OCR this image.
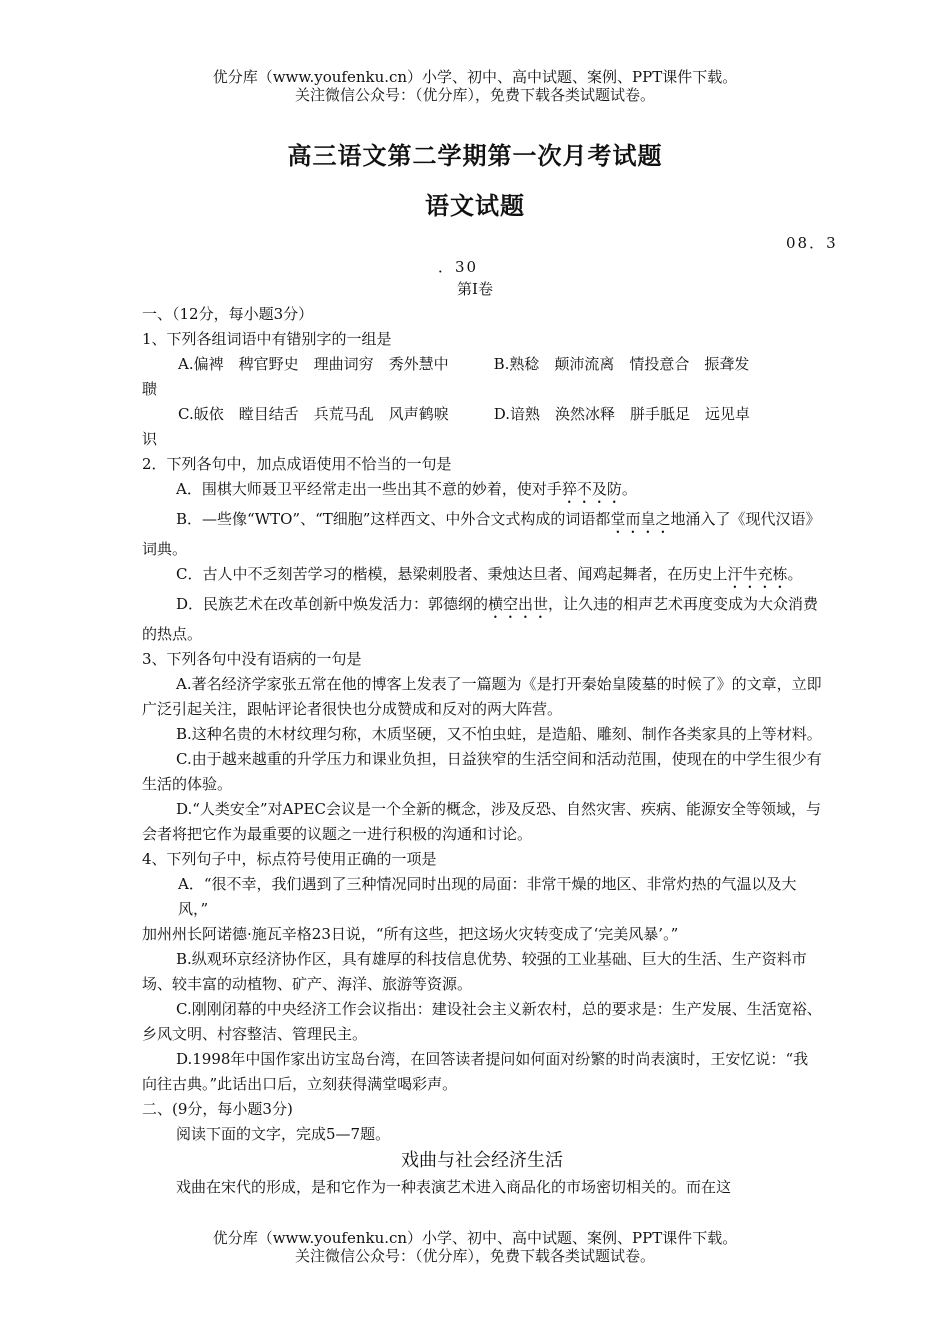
优分库（www.youfenku.cn）小学、初中、高中试题、案例、PPT课件下载。
关注微信公众号：（优分库），免费下载各类试题试卷。
高三语文第二学期第一次月考试题
语文试题
08．3
．30
第Ⅰ卷

一、（12分，每小题3分）

1、下列各组词语中有错别字的一组是

A.偏裨　稗官野史　理曲词穷　秀外慧中　　　B.熟稔　颠沛流离　情投意合　振聋发

聩

C.皈依　瞠目结舌　兵荒马乱　风声鹤唳　　　D.谙熟　涣然冰释　胼手胝足　远见卓

识

2．下列各句中，加点成语使用不恰当的一句是

A．围棋大师聂卫平经常走出一些出其不意的妙着，使对手猝不及防。

B．—些像“WTO”、“T细胞”这样西文、中外合文式构成的词语都堂而皇之地涌入了《现代汉语》词典。

C．古人中不乏刻苦学习的楷模，悬梁刺股者、秉烛达旦者、闻鸡起舞者，在历史上汗牛充栋。

D．民族艺术在改革创新中焕发活力：郭德纲的横空出世，让久违的相声艺术再度变成为大众消费的热点。

3、下列各句中没有语病的一句是

A.著名经济学家张五常在他的博客上发表了一篇题为《是打开秦始皇陵墓的时候了》的文章，立即广泛引起关注，跟帖评论者很快也分成赞成和反对的两大阵营。

B.这种名贵的木材纹理匀称，木质坚硬，又不怕虫蛀，是造船、雕刻、制作各类家具的上等材料。

C.由于越来越重的升学压力和课业负担，日益狭窄的生活空间和活动范围，使现在的中学生很少有生活的体验。

D.“人类安全”对APEC会议是一个全新的概念，涉及反恐、自然灾害、疾病、能源安全等领域，与会者将把它作为最重要的议题之一进行积极的沟通和讨论。

4、下列句子中，标点符号使用正确的一项是

A．“很不幸，我们遇到了三种情况同时出现的局面：非常干燥的地区、非常灼热的气温以及大风，”

加州州长阿诺德·施瓦辛格23日说，“所有这些，把这场火灾转变成了‘完美风暴’。”

B.纵观环京经济协作区，具有雄厚的科技信息优势、较强的工业基础、巨大的生活、生产资料市场、较丰富的动植物、矿产、海洋、旅游等资源。

C.刚刚闭幕的中央经济工作会议指出：建设社会主义新农村，总的要求是：生产发展、生活宽裕、乡风文明、村容整洁、管理民主。

D.1998年中国作家出访宝岛台湾，在回答读者提问如何面对纷繁的时尚表演时，王安忆说：“我向往古典。”此话出口后，立刻获得满堂喝彩声。

二、(9分，每小题3分)

阅读下面的文字，完成5—7题。

戏曲与社会经济生活

戏曲在宋代的形成，是和它作为一种表演艺术进入商品化的市场密切相关的。而在这

优分库（www.youfenku.cn）小学、初中、高中试题、案例、PPT课件下载。
关注微信公众号：（优分库），免费下载各类试题试卷。
